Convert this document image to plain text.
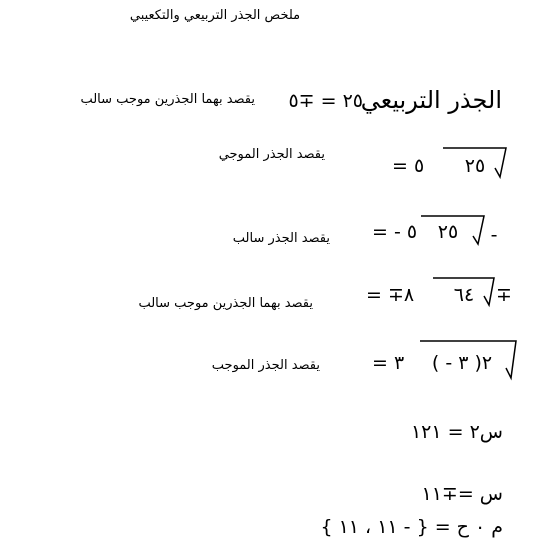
ملخص الجذر التربيعي والتكعيبي
الجذر التربيعي
٢٥ = ∓٥
يقصد بهما الجذرين موجب سالب
يقصد الجذر الموجي
= ٥	٢٥
يقصد الجذر سالب = - ٥	٢٥	-
يقصد بهما الجذرين موجب سالب	= ∓٨	٦٤	∓
يقصد الجذر الموجب	= ٣	( - ٣ )٢
س٢ = ١٢١
س =∓١١
م ٠ ح = { - ١١ ، ١١ }
